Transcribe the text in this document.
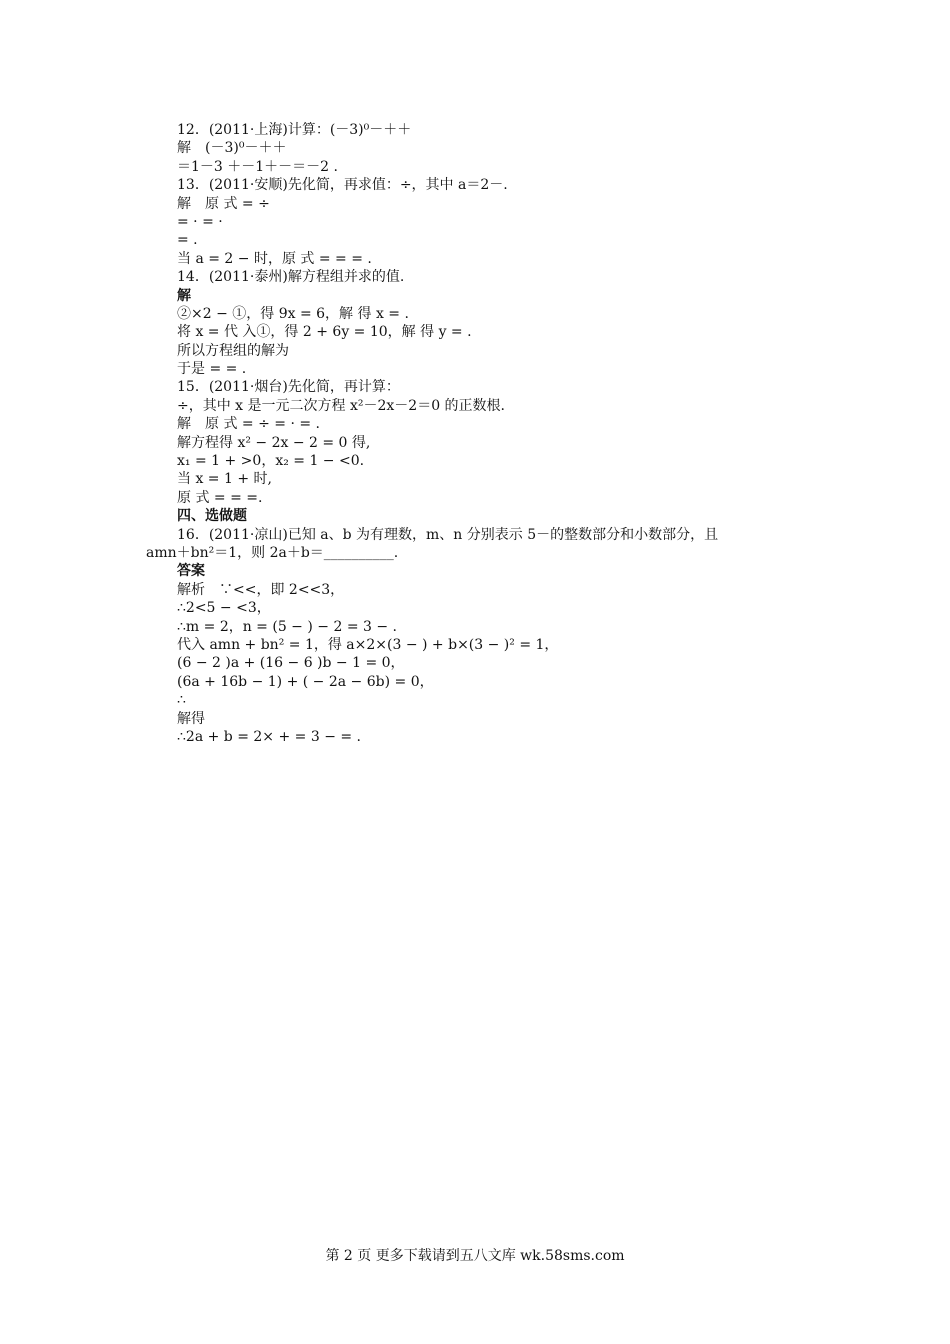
12．(2011·上海)计算：(－3)⁰－＋＋
解　(－3)⁰－＋＋
＝1－3 ＋－1＋－＝－2 .
13．(2011·安顺)先化简，再求值：÷，其中 a＝2－.
解　原 式 = ÷
= · = ·
= .
当 a = 2 − 时，原 式 = = = .
14．(2011·泰州)解方程组并求的值.
解
②×2 − ①，得 9x = 6，解 得 x = .
将 x = 代 入①，得 2 + 6y = 10，解 得 y = .
所以方程组的解为
于是 = = .
15．(2011·烟台)先化简，再计算：
÷，其中 x 是一元二次方程 x²－2x－2＝0 的正数根.
解　原 式 = ÷ = · = .
解方程得 x² − 2x − 2 = 0 得,
x₁ = 1 + >0，x₂ = 1 − <0.
当 x = 1 + 时,
原 式 = = =.
四、选做题
16．(2011·凉山)已知 a、b 为有理数，m、n 分别表示 5－的整数部分和小数部分，且
amn＋bn²＝1，则 2a＋b＝__________.
答案
解析　∵<<，即 2<<3，
∴2<5 − <3，
∴m = 2，n = (5 − ) − 2 = 3 − .
代入 amn + bn² = 1，得 a×2×(3 − ) + b×(3 − )² = 1，
(6 − 2 )a + (16 − 6 )b − 1 = 0，
(6a + 16b − 1) + ( − 2a − 6b) = 0，
∴
解得
∴2a + b = 2× + = 3 − = .
第 2 页 更多下载请到五八文库 wk.58sms.com
